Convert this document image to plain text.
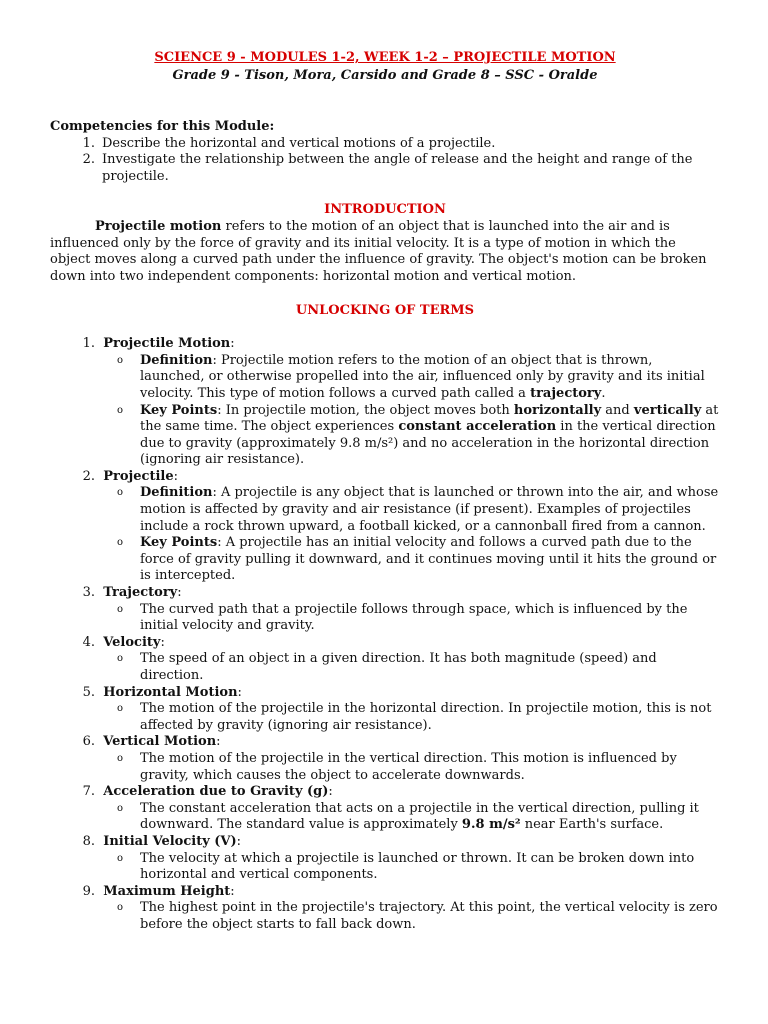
SCIENCE 9 - MODULES 1-2, WEEK 1-2 – PROJECTILE MOTION
Grade 9 - Tison, Mora, Carsido and Grade 8 – SSC - Oralde
Competencies for this Module:
1. Describe the horizontal and vertical motions of a projectile.
2. Investigate the relationship between the angle of release and the height and range of the projectile.
INTRODUCTION

Projectile motion refers to the motion of an object that is launched into the air and is influenced only by the force of gravity and its initial velocity. It is a type of motion in which the object moves along a curved path under the influence of gravity. The object's motion can be broken down into two independent components: horizontal motion and vertical motion.

UNLOCKING OF TERMS
1. Projectile Motion:
o	Definition: Projectile motion refers to the motion of an object that is thrown, launched, or otherwise propelled into the air, influenced only by gravity and its initial velocity. This type of motion follows a curved path called a trajectory.
o	Key Points: In projectile motion, the object moves both horizontally and vertically at the same time. The object experiences constant acceleration in the vertical direction due to gravity (approximately 9.8 m/s²) and no acceleration in the horizontal direction (ignoring air resistance).
2. Projectile:
o	Definition: A projectile is any object that is launched or thrown into the air, and whose motion is affected by gravity and air resistance (if present). Examples of projectiles include a rock thrown upward, a football kicked, or a cannonball fired from a cannon.
o	Key Points: A projectile has an initial velocity and follows a curved path due to the force of gravity pulling it downward, and it continues moving until it hits the ground or is intercepted.
3. Trajectory:
o	The curved path that a projectile follows through space, which is influenced by the initial velocity and gravity.
4. Velocity:
o	The speed of an object in a given direction. It has both magnitude (speed) and direction.
5. Horizontal Motion:
o	The motion of the projectile in the horizontal direction. In projectile motion, this is not affected by gravity (ignoring air resistance).
6. Vertical Motion:
o	The motion of the projectile in the vertical direction. This motion is influenced by gravity, which causes the object to accelerate downwards.
7. Acceleration due to Gravity (g):
o	The constant acceleration that acts on a projectile in the vertical direction, pulling it downward. The standard value is approximately 9.8 m/s² near Earth's surface.
8. Initial Velocity (V):
o	The velocity at which a projectile is launched or thrown. It can be broken down into horizontal and vertical components.
9. Maximum Height:
o	The highest point in the projectile's trajectory. At this point, the vertical velocity is zero before the object starts to fall back down.
